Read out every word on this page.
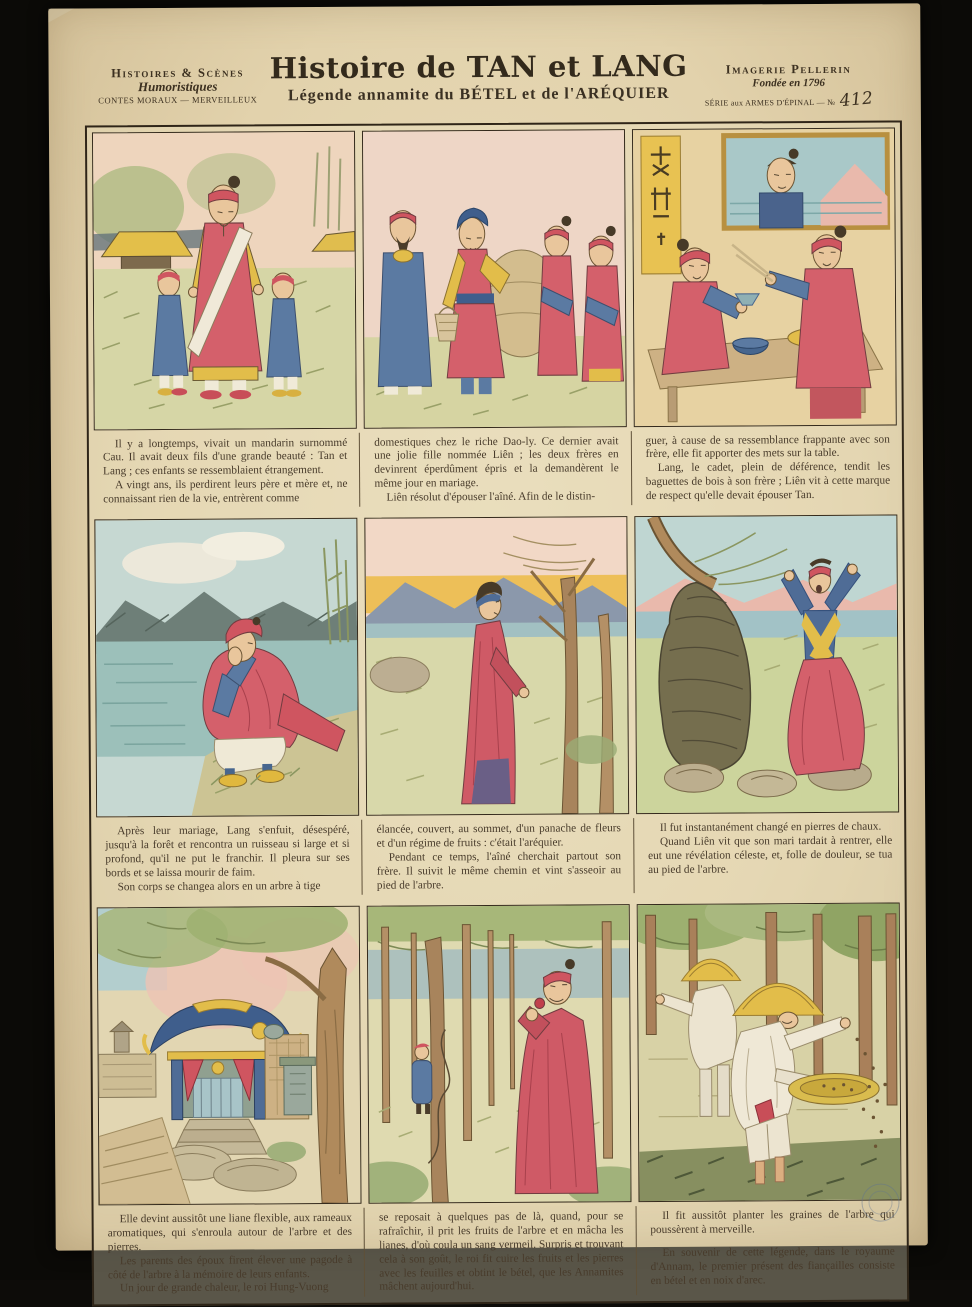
Histoires & Scènes
Humoristiques
CONTES MORAUX — MERVEILLEUX
Histoire de TAN et LANG
Légende annamite du BÉTEL et de l'ARÉQUIER
Imagerie Pellerin
Fondée en 1796
SÉRIE aux ARMES D'ÉPINAL — № 412

Il y a longtemps, vivait un mandarin surnommé Cau. Il avait deux fils d'une grande beauté : Tan et Lang ; ces enfants se ressemblaient étrangement.

A vingt ans, ils perdirent leurs père et mère et, ne connaissant rien de la vie, entrèrent comme

domestiques chez le riche Dao-ly. Ce dernier avait une jolie fille nommée Liên ; les deux frères en devinrent éperdûment épris et la demandèrent le même jour en mariage.

Liên résolut d'épouser l'aîné. Afin de le distin-

guer, à cause de sa ressemblance frappante avec son frère, elle fit apporter des mets sur la table.

Lang, le cadet, plein de déférence, tendit les baguettes de bois à son frère ; Liên vit à cette marque de respect qu'elle devait épouser Tan.

Après leur mariage, Lang s'enfuit, désespéré, jusqu'à la forêt et rencontra un ruisseau si large et si profond, qu'il ne put le franchir. Il pleura sur ses bords et se laissa mourir de faim.

Son corps se changea alors en un arbre à tige

élancée, couvert, au sommet, d'un panache de fleurs et d'un régime de fruits : c'était l'aréquier.

Pendant ce temps, l'aîné cherchait partout son frère. Il suivit le même chemin et vint s'asseoir au pied de l'arbre.

Il fut instantanément changé en pierres de chaux.

Quand Liên vit que son mari tardait à rentrer, elle eut une révélation céleste, et, folle de douleur, se tua au pied de l'arbre.

Elle devint aussitôt une liane flexible, aux rameaux aromatiques, qui s'enroula autour de l'arbre et des pierres.

Les parents des époux firent élever une pagode à côté de l'arbre à la mémoire de leurs enfants.

Un jour de grande chaleur, le roi Hung-Vuong

se reposait à quelques pas de là, quand, pour se rafraîchir, il prit les fruits de l'arbre et en mâcha les lianes, d'où coula un sang vermeil. Surpris et trouvant cela à son goût, le roi fit cuire les fruits et les pierres avec les feuilles et obtint le bétel, que les Annamites mâchent aujourd'hui.

Il fit aussitôt planter les graines de l'arbre qui poussèrent à merveille.

En souvenir de cette légende, dans le royaume d'Annam, le premier présent des fiançailles consiste en bétel et en noix d'arec.
